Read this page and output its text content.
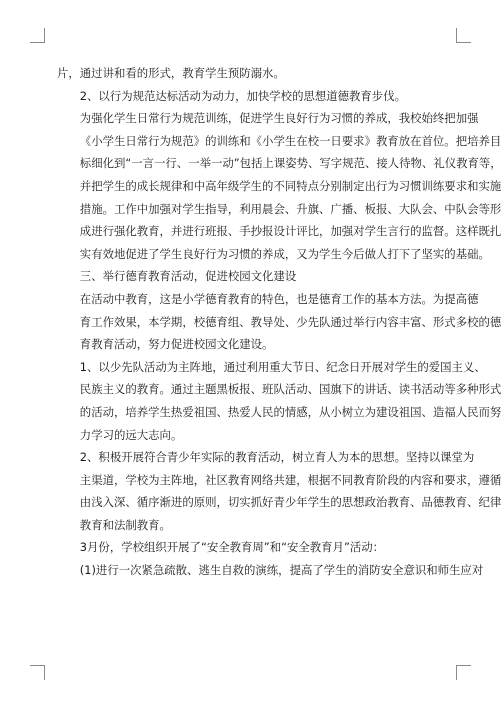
片，通过讲和看的形式，教育学生预防溺水。
2、以行为规范达标活动为动力，加快学校的思想道德教育步伐。
为强化学生日常行为规范训练，促进学生良好行为习惯的养成，我校始终把加强
《小学生日常行为规范》的训练和《小学生在校一日要求》教育放在首位。把培养目
标细化到“一言一行、一举一动”包括上课姿势、写字规范、接人待物、礼仪教育等，
并把学生的成长规律和中高年级学生的不同特点分别制定出行为习惯训练要求和实施
措施。工作中加强对学生指导，利用晨会、升旗、广播、板报、大队会、中队会等形
成进行强化教育，并进行班报、手抄报设计评比，加强对学生言行的监督。这样既扎
实有效地促进了学生良好行为习惯的养成，又为学生今后做人打下了坚实的基础。
三、举行德育教育活动，促进校园文化建设
在活动中教育，这是小学德育教育的特色，也是德育工作的基本方法。为提高德
育工作效果，本学期，校德育组、教导处、少先队通过举行内容丰富、形式多校的德
育教育活动，努力促进校园文化建设。
1、以少先队活动为主阵地，通过利用重大节日、纪念日开展对学生的爱国主义、
民族主义的教育。通过主题黑板报、班队活动、国旗下的讲话、读书活动等多种形式
的活动，培养学生热爱祖国、热爱人民的情感，从小树立为建设祖国、造福人民而努
力学习的远大志向。
2、积极开展符合青少年实际的教育活动，树立育人为本的思想。坚持以课堂为
主渠道，学校为主阵地，社区教育网络共建，根据不同教育阶段的内容和要求，遵循
由浅入深、循序渐进的原则，切实抓好青少年学生的思想政治教育、品德教育、纪律
教育和法制教育。
3月份，学校组织开展了“安全教育周”和“安全教育月”活动：
(1)进行一次紧急疏散、逃生自救的演练，提高了学生的消防安全意识和师生应对
